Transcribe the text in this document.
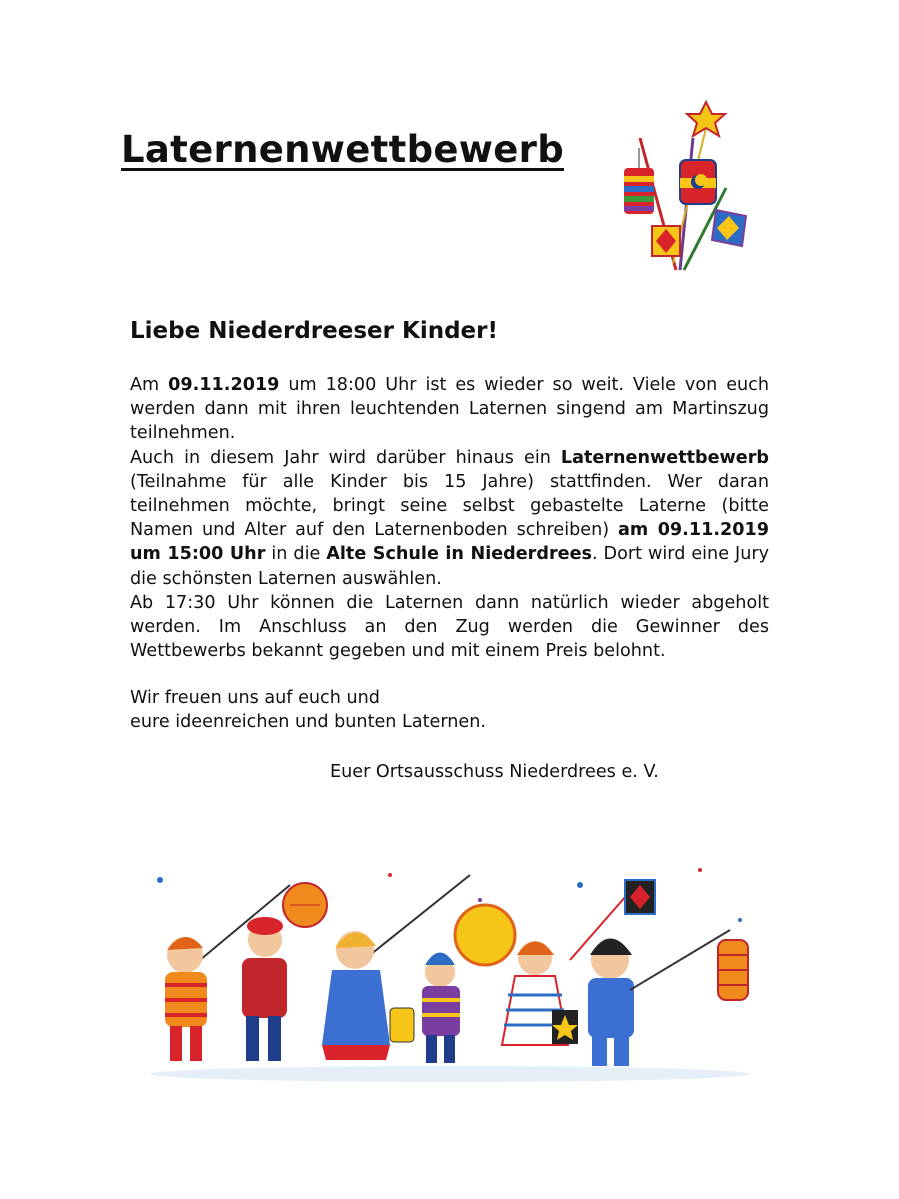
Laternenwettbewerb
Liebe Niederdreeser Kinder!

Am 09.11.2019 um 18:00 Uhr ist es wieder so weit. Viele von euch werden dann mit ihren leuchtenden Laternen singend am Martinszug teilnehmen.

Auch in diesem Jahr wird darüber hinaus ein Laternenwettbewerb (Teilnahme für alle Kinder bis 15 Jahre) stattfinden. Wer daran teilnehmen möchte, bringt seine selbst gebastelte Laterne (bitte Namen und Alter auf den Laternenboden schreiben) am 09.11.2019 um 15:00 Uhr in die Alte Schule in Niederdrees. Dort wird eine Jury die schönsten Laternen auswählen.

Ab 17:30 Uhr können die Laternen dann natürlich wieder abgeholt werden. Im Anschluss an den Zug werden die Gewinner des Wettbewerbs bekannt gegeben und mit einem Preis belohnt.

Wir freuen uns auf euch und

eure ideenreichen und bunten Laternen.

Euer Ortsausschuss Niederdrees e. V.
